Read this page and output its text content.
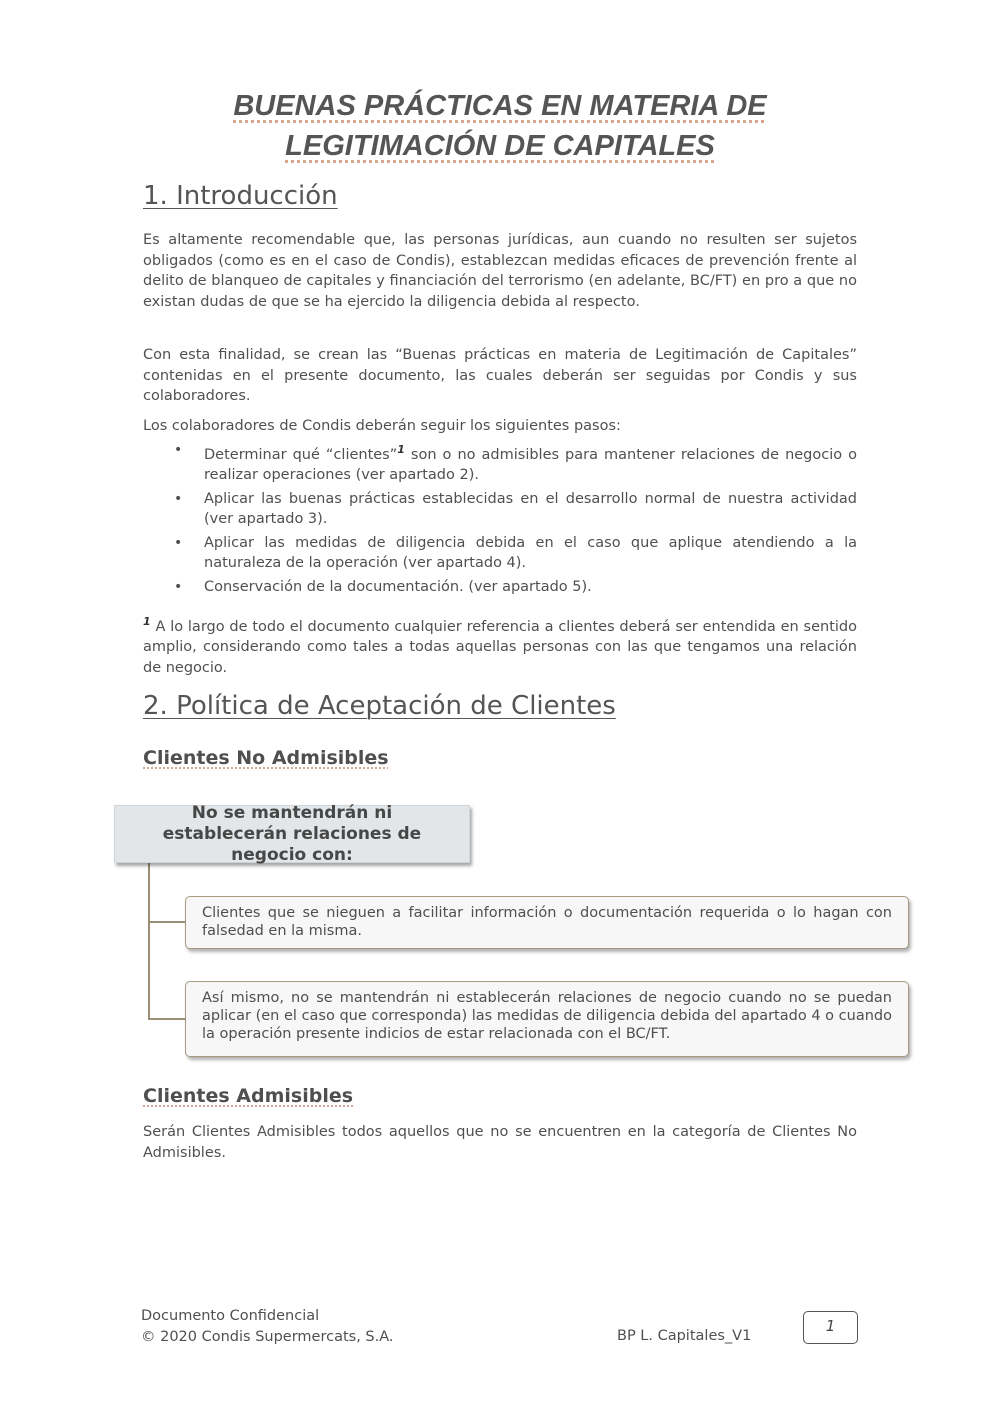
BUENAS PRÁCTICAS EN MATERIA DE
LEGITIMACIÓN DE CAPITALES
1. Introducción

Es altamente recomendable que, las personas jurídicas, aun cuando no resulten ser sujetos obligados (como es en el caso de Condis), establezcan medidas eficaces de prevención frente al delito de blanqueo de capitales y financiación del terrorismo (en adelante, BC/FT) en pro a que no existan dudas de que se ha ejercido la diligencia debida al respecto.

Con esta finalidad, se crean las “Buenas prácticas en materia de Legitimación de Capitales” contenidas en el presente documento, las cuales deberán ser seguidas por Condis y sus colaboradores.

Los colaboradores de Condis deberán seguir los siguientes pasos:

• Determinar qué “clientes”$^1$ son o no admisibles para mantener relaciones de negocio o realizar operaciones (ver apartado 2).
• Aplicar las buenas prácticas establecidas en el desarrollo normal de nuestra actividad (ver apartado 3).
• Aplicar las medidas de diligencia debida en el caso que aplique atendiendo a la naturaleza de la operación (ver apartado 4).
• Conservación de la documentación. (ver apartado 5).

$^1$ A lo largo de todo el documento cualquier referencia a clientes deberá ser entendida en sentido amplio, considerando como tales a todas aquellas personas con las que tengamos una relación de negocio.

2. Política de Aceptación de Clientes
Clientes No Admisibles
Clientes Admisibles

Serán Clientes Admisibles todos aquellos que no se encuentren en la categoría de Clientes No Admisibles.

No se mantendrán ni establecerán relaciones de negocio con:
Clientes que se nieguen a facilitar información o documentación requerida o lo hagan con falsedad en la misma.
Así mismo, no se mantendrán ni establecerán relaciones de negocio cuando no se puedan aplicar (en el caso que corresponda) las medidas de diligencia debida del apartado 4 o cuando la operación presente indicios de estar relacionada con el BC/FT.
Documento Confidencial
© 2020 Condis Supermercats, S.A.	BP L. Capitales_V1
1
